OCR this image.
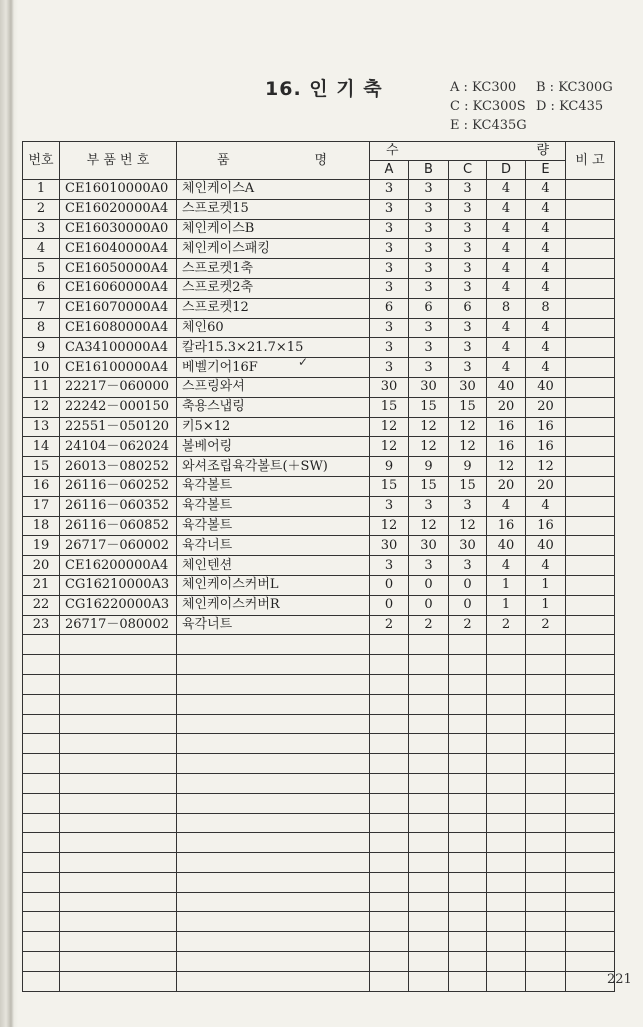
16. 인 기 축	A : KC300	B : KC300G
C : KC300S D : KC435
E : KC435G
번호	부 품 번 호	품 명	수 량					비 고
			A	B	C	D	E	
1	CE16010000A0	체인케이스A	3	3	3	4	4	
2	CE16020000A4	스프로켓15	3	3	3	4	4	
3	CE16030000A0	체인케이스B	3	3	3	4	4	
4	CE16040000A4	체인케이스패킹	3	3	3	4	4	
5	CE16050000A4	스프로켓1축	3	3	3	4	4	
6	CE16060000A4	스프로켓2축	3	3	3	4	4	
7	CE16070000A4	스프로켓12	6	6	6	8	8	
8	CE16080000A4	체인60	3	3	3	4	4	
9	CA34100000A4	칼라15.3×21.7×15	3	3	3	4	4	
10	CE16100000A4	베벨기어16F	3	3	3	4	4	
11	22217－060000	스프링와셔	30	30	30	40	40	
12	22242－000150	축용스냅링	15	15	15	20	20	
13	22551－050120	키5×12	12	12	12	16	16	
14	24104－062024	볼베어링	12	12	12	16	16	
15	26013－080252	와셔조립육각볼트(＋SW)	9	9	9	12	12	
16	26116－060252	육각볼트	15	15	15	20	20	
17	26116－060352	육각볼트	3	3	3	4	4	
18	26116－060852	육각볼트	12	12	12	16	16	
19	26717－060002	육각너트	30	30	30	40	40	
20	CE16200000A4	체인텐션	3	3	3	4	4	
21	CG16210000A3	체인케이스커버L	0	0	0	1	1	
22	CG16220000A3	체인케이스커버R	0	0	0	1	1	
23	26717－080002	육각너트	2	2	2	2	2	

✓
221
